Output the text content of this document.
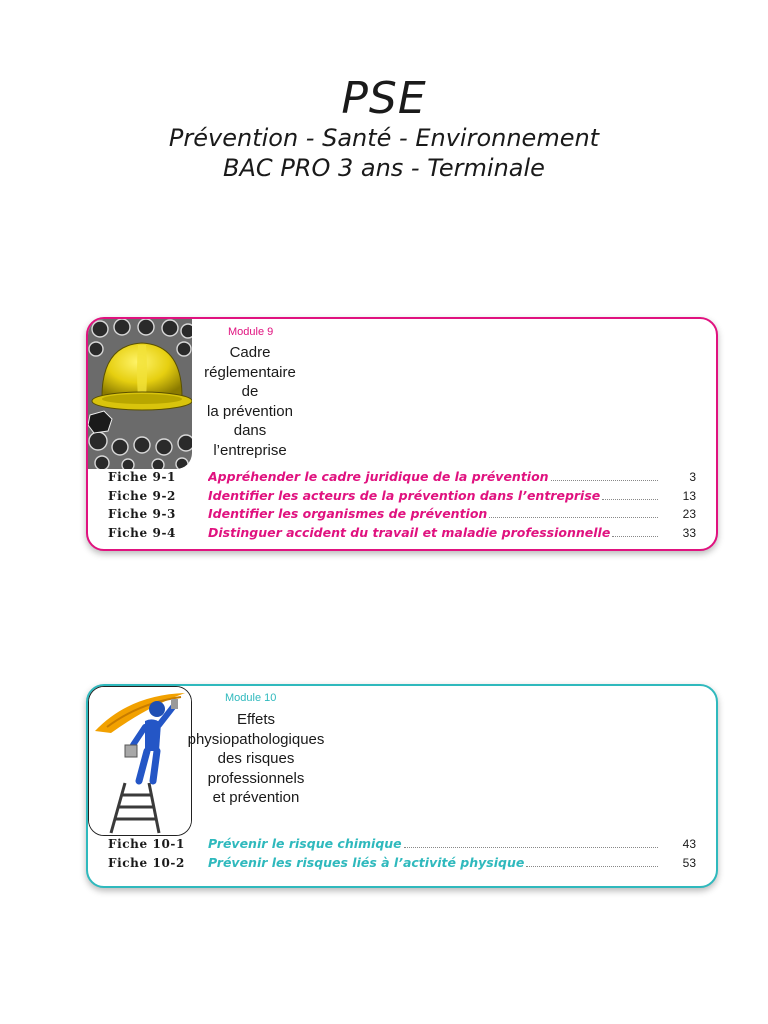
PSE
Prévention - Santé - Environnement
BAC PRO 3 ans - Terminale
Module 9
Cadre
réglementaire
de
la prévention
dans
l’entreprise
Fiche 9-1	Appréhender le cadre juridique de la prévention	3
Fiche 9-2	Identifier les acteurs de la prévention dans l’entreprise	13
Fiche 9-3	Identifier les organismes de prévention	23
Fiche 9-4	Distinguer accident du travail et maladie professionnelle	33
Module 10
Effets
physiopathologiques
des risques
professionnels
et prévention
Fiche 10-1 Prévenir le risque chimique	43
Fiche 10-2 Prévenir les risques liés à l’activité physique	53
